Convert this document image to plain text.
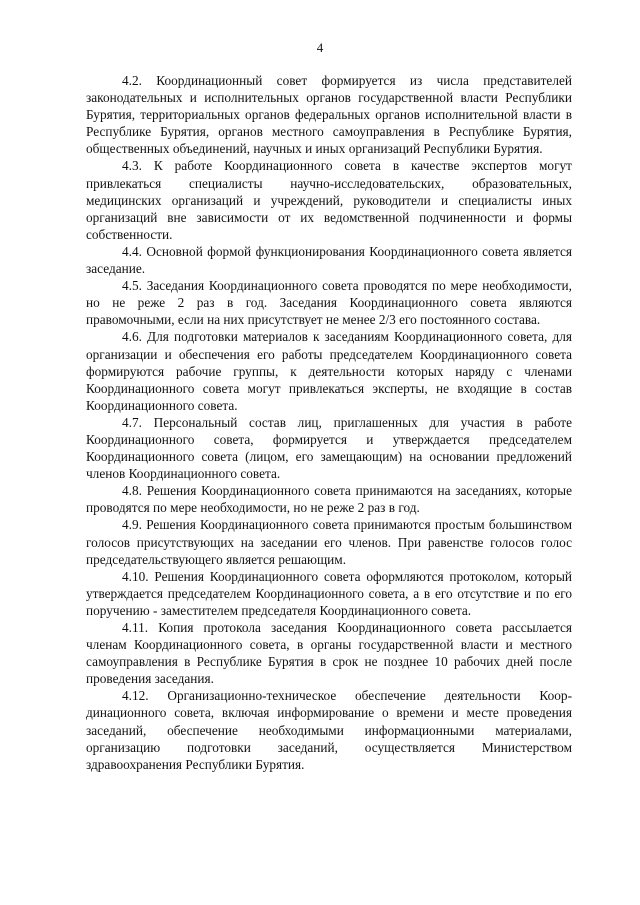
4

4.2. Координационный совет формируется из числа представителей законодательных и исполнительных органов государственной власти Республики Бурятия, территориальных органов федеральных органов исполнительной власти в Республике Бурятия, органов местного самоуправления в Республике Бурятия, общественных объединений, научных и иных организаций Республики Бурятия.

4.3. К работе Координационного совета в качестве экспертов могут привлекаться специалисты научно-исследовательских, образовательных, медицинских организаций и учреждений, руководители и специалисты иных организаций вне зависимости от их ведомственной подчиненности и формы собственности.

4.4. Основной формой функционирования Координационного совета является заседание.

4.5. Заседания Координационного совета проводятся по мере необходимости, но не реже 2 раз в год. Заседания Координационного совета являются правомочными, если на них присутствует не менее 2/3 его постоянного состава.

4.6. Для подготовки материалов к заседаниям Координационного совета, для организации и обеспечения его работы председателем Координационного совета формируются рабочие группы, к деятельности которых наряду с членами Координационного совета могут привлекаться эксперты, не входящие в состав Координационного совета.

4.7. Персональный состав лиц, приглашенных для участия в работе Координационного совета, формируется и утверждается председателем Координационного совета (лицом, его замещающим) на основании предложений членов Координационного совета.

4.8. Решения Координационного совета принимаются на заседаниях, которые проводятся по мере необходимости, но не реже 2 раз в год.

4.9. Решения Координационного совета принимаются простым большинством голосов присутствующих на заседании его членов. При равенстве голосов голос председательствующего является решающим.

4.10. Решения Координационного совета оформляются протоколом, который утверждается председателем Координационного совета, а в его отсутствие и по его поручению - заместителем председателя Координационного совета.

4.11. Копия протокола заседания Координационного совета рассылается членам Координационного совета, в органы государственной власти и местного самоуправления в Республике Бурятия в срок не позднее 10 рабочих дней после проведения заседания.

4.12. Организационно-техническое обеспечение деятельности Координационного совета, включая информирование о времени и месте проведения заседаний, обеспечение необходимыми информационными материалами, организацию подготовки заседаний, осуществляется Министерством здравоохранения Республики Бурятия.
